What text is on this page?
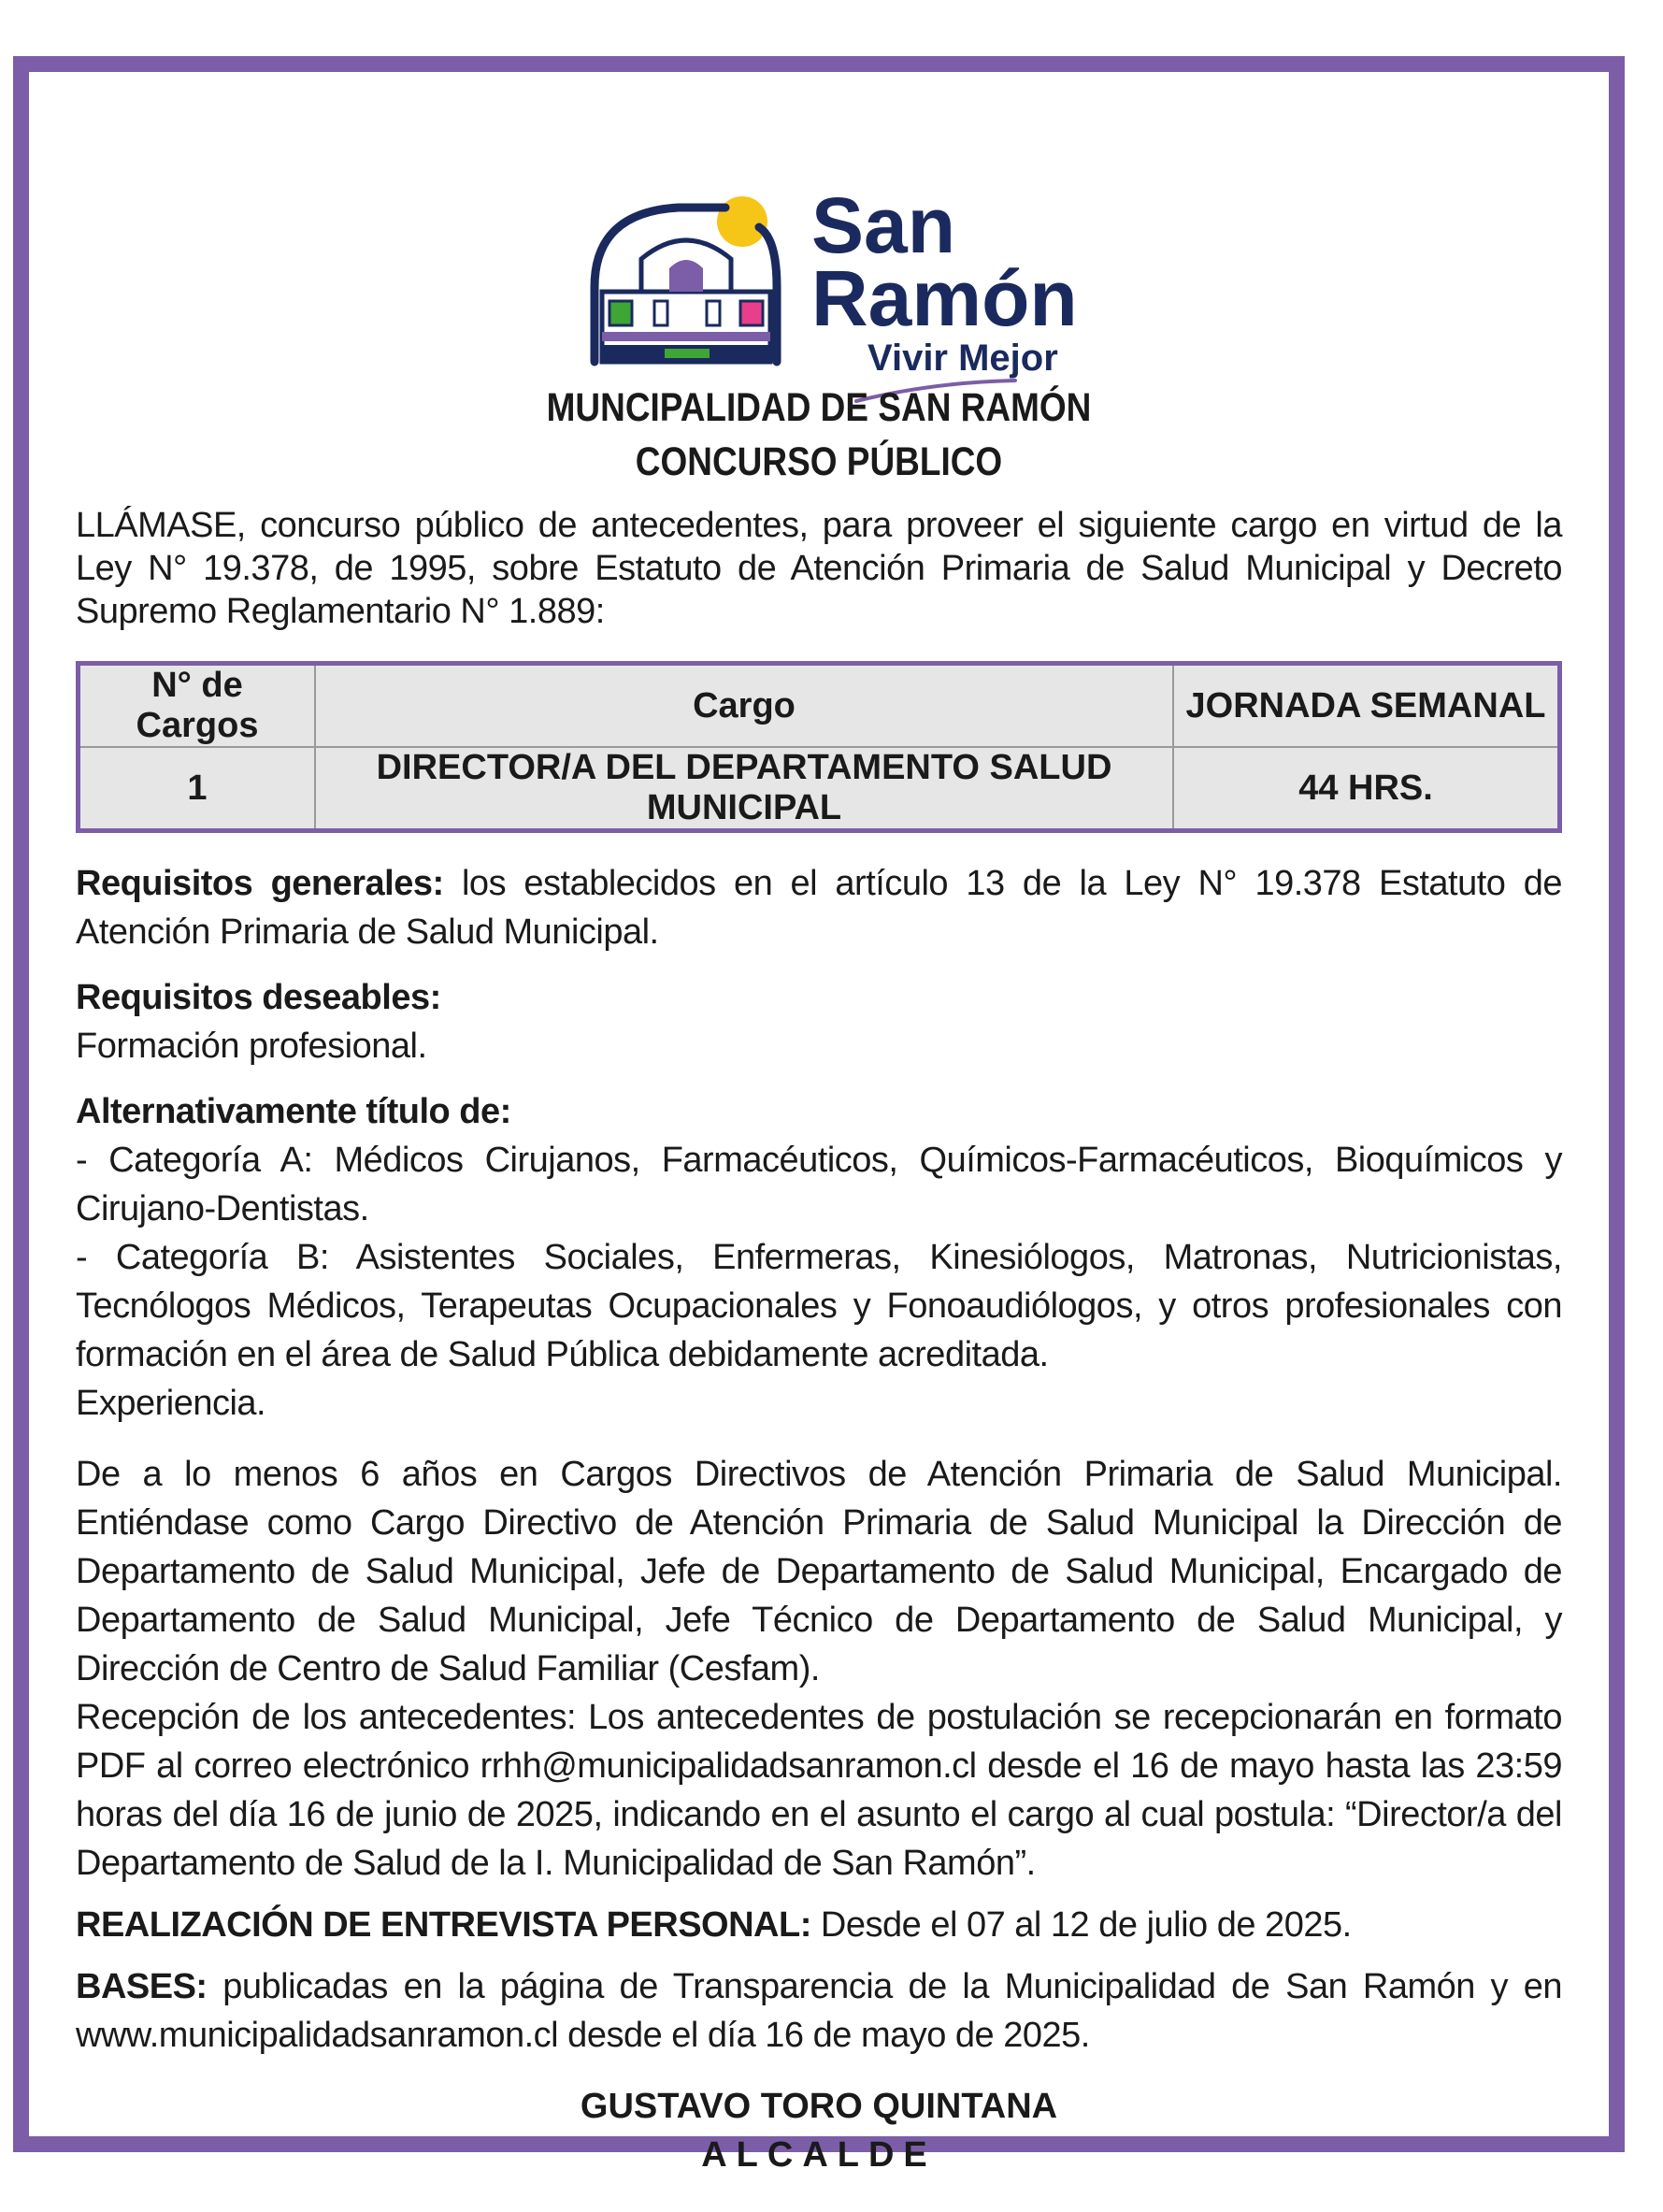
San
Ramón
Vivir Mejor
MUNCIPALIDAD DE SAN RAMÓN
CONCURSO PÚBLICO
LLÁMASE, concurso público de antecedentes, para proveer el siguiente cargo en virtud de la Ley N° 19.378, de 1995, sobre Estatuto de Atención Primaria de Salud Municipal y Decreto Supremo Reglamentario N° 1.889:
N° de Cargos	Cargo	JORNADA SEMANAL
1	DIRECTOR/A DEL DEPARTAMENTO SALUD MUNICIPAL	44 HRS.
Requisitos generales: los establecidos en el artículo 13 de la Ley N° 19.378 Estatuto de Atención Primaria de Salud Municipal.
Requisitos deseables:
Formación profesional.
Alternativamente título de:
- Categoría A: Médicos Cirujanos, Farmacéuticos, Químicos-Farmacéuticos, Bioquímicos y Cirujano-Dentistas.
- Categoría B: Asistentes Sociales, Enfermeras, Kinesiólogos, Matronas, Nutricionistas, Tecnólogos Médicos, Terapeutas Ocupacionales y Fonoaudiólogos, y otros profesionales con formación en el área de Salud Pública debidamente acreditada.
Experiencia.
De a lo menos 6 años en Cargos Directivos de Atención Primaria de Salud Municipal. Entiéndase como Cargo Directivo de Atención Primaria de Salud Municipal la Dirección de Departamento de Salud Municipal, Jefe de Departamento de Salud Municipal, Encargado de Departamento de Salud Municipal, Jefe Técnico de Departamento de Salud Municipal, y Dirección de Centro de Salud Familiar (Cesfam).
Recepción de los antecedentes: Los antecedentes de postulación se recepcionarán en formato PDF al correo electrónico rrhh@municipalidadsanramon.cl desde el 16 de mayo hasta las 23:59 horas del día 16 de junio de 2025, indicando en el asunto el cargo al cual postula: “Director/a del Departamento de Salud de la I. Municipalidad de San Ramón”.
REALIZACIÓN DE ENTREVISTA PERSONAL: Desde el 07 al 12 de julio de 2025.
BASES: publicadas en la página de Transparencia de la Municipalidad de San Ramón y en www.municipalidadsanramon.cl desde el día 16 de mayo de 2025.
GUSTAVO TORO QUINTANA
ALCALDE
